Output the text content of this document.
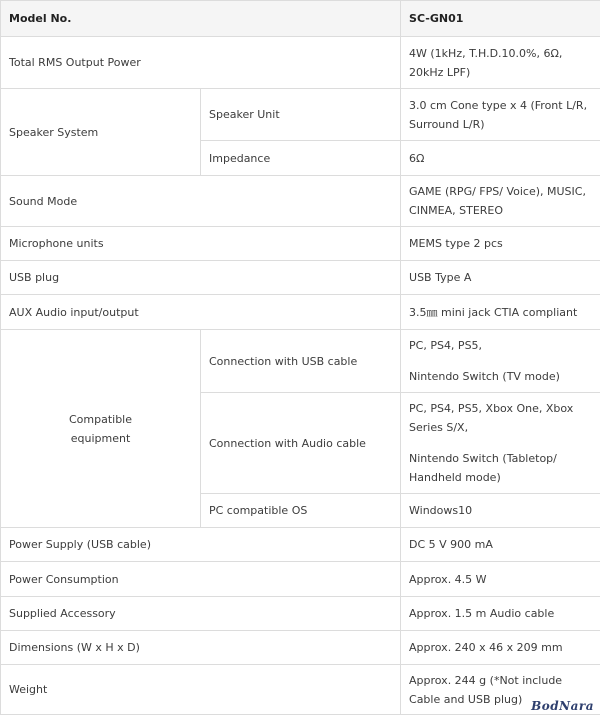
Model No.		SC-GN01
Total RMS Output Power		4W (1kHz, T.H.D.10.0%, 6Ω, 20kHz LPF)
Speaker System	Speaker Unit	3.0 cm Cone type x 4 (Front L/R, Surround L/R)
	Impedance	6Ω
Sound Mode		GAME (RPG/ FPS/ Voice), MUSIC, CINMEA, STEREO
Microphone units		MEMS type 2 pcs
USB plug		USB Type A
AUX Audio input/output		3.5㎜ mini jack CTIA compliant
Compatible equipment	Connection with USB cable	PC, PS4, PS5,
Nintendo Switch (TV mode)
	Connection with Audio cable	PC, PS4, PS5, Xbox One, Xbox Series S/X,
Nintendo Switch (Tabletop/ Handheld mode)
	PC compatible OS	Windows10
Power Supply (USB cable)		DC 5 V 900 mA
Power Consumption		Approx. 4.5 W
Supplied Accessory		Approx. 1.5 m Audio cable
Dimensions (W x H x D)		Approx. 240 x 46 x 209 mm
Weight		Approx. 244 g (*Not include Cable and USB plug) BodNara
